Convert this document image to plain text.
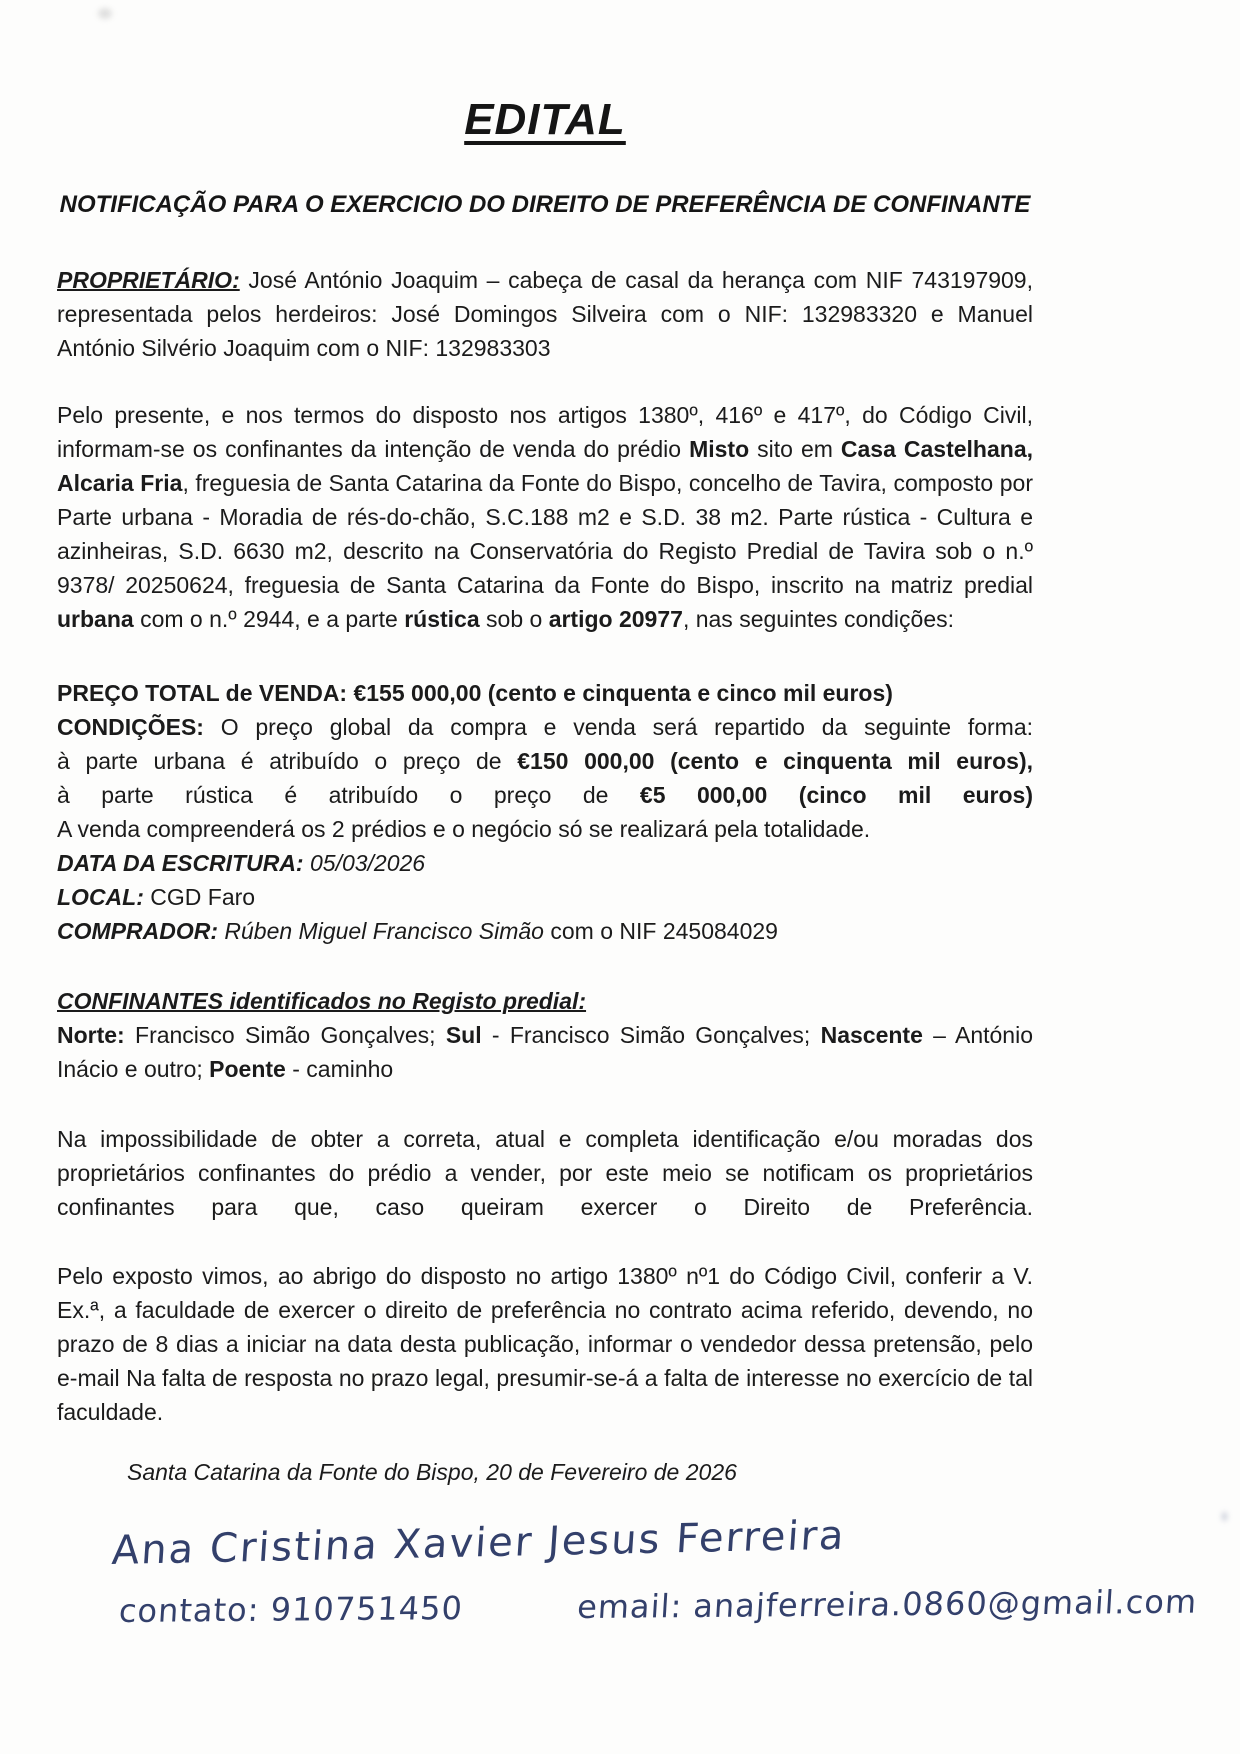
EDITAL
NOTIFICAÇÃO PARA O EXERCICIO DO DIREITO DE PREFERÊNCIA DE CONFINANTE
PROPRIETÁRIO: José António Joaquim – cabeça de casal da herança com NIF 743197909, representada pelos herdeiros: José Domingos Silveira com o NIF: 132983320 e Manuel António Silvério Joaquim com o NIF: 132983303
Pelo presente, e nos termos do disposto nos artigos 1380º, 416º e 417º, do Código Civil, informam-se os confinantes da intenção de venda do prédio Misto sito em Casa Castelhana, Alcaria Fria, freguesia de Santa Catarina da Fonte do Bispo, concelho de Tavira, composto por Parte urbana - Moradia de rés-do-chão, S.C.188 m2 e S.D. 38 m2. Parte rústica - Cultura e azinheiras, S.D. 6630 m2, descrito na Conservatória do Registo Predial de Tavira sob o n.º 9378/ 20250624, freguesia de Santa Catarina da Fonte do Bispo, inscrito na matriz predial urbana com o n.º 2944, e a parte rústica sob o artigo 20977, nas seguintes condições:
PREÇO TOTAL de VENDA: €155 000,00 (cento e cinquenta e cinco mil euros)
CONDIÇÕES: O preço global da compra e venda será repartido da seguinte forma:
à parte urbana é atribuído o preço de €150 000,00 (cento e cinquenta mil euros),
à parte rústica é atribuído o preço de €5 000,00 (cinco mil euros)
A venda compreenderá os 2 prédios e o negócio só se realizará pela totalidade.
DATA DA ESCRITURA: 05/03/2026
LOCAL: CGD Faro
COMPRADOR: Rúben Miguel Francisco Simão com o NIF 245084029
CONFINANTES identificados no Registo predial:
Norte: Francisco Simão Gonçalves; Sul - Francisco Simão Gonçalves; Nascente – António Inácio e outro; Poente - caminho
Na impossibilidade de obter a correta, atual e completa identificação e/ou moradas dos proprietários confinantes do prédio a vender, por este meio se notificam os proprietários confinantes para que, caso queiram exercer o Direito de Preferência.
Pelo exposto vimos, ao abrigo do disposto no artigo 1380º nº1 do Código Civil, conferir a V. Ex.ª, a faculdade de exercer o direito de preferência no contrato acima referido, devendo, no prazo de 8 dias a iniciar na data desta publicação, informar o vendedor dessa pretensão, pelo e-mail Na falta de resposta no prazo legal, presumir-se-á a falta de interesse no exercício de tal faculdade.
Santa Catarina da Fonte do Bispo, 20 de Fevereiro de 2026
Ana Cristina Xavier Jesus Ferreira
contato: 910751450	email: anajferreira.0860@gmail.com
